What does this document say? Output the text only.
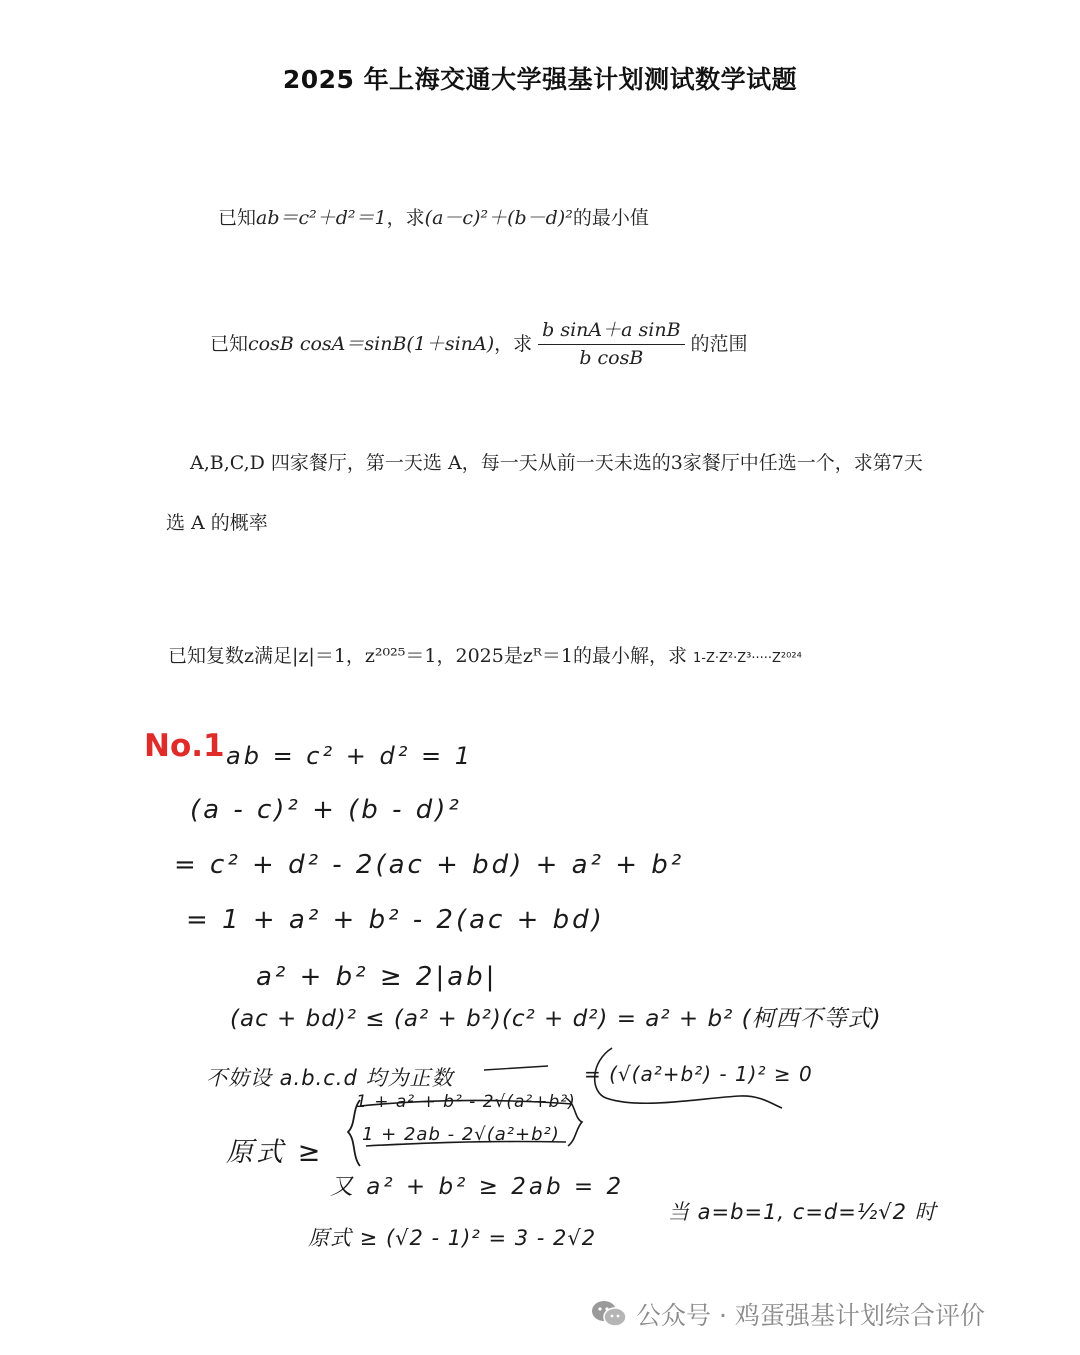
2025 年上海交通大学强基计划测试数学试题
已知ab＝c²＋d²＝1，求(a－c)²＋(b－d)²的最小值
已知 cosB cosA＝sinB(1＋sinA) ，求 $\frac{\text{b sinA＋a sinB}}{\text{b cosB}}$ 的范围
A,B,C,D 四家餐厅，第一天选 A，每一天从前一天未选的3家餐厅中任选一个，求第7天
选 A 的概率
已知复数z满足|z|＝1，z²⁰²⁵＝1，2025是zᴿ＝1的最小解，求 1-Z·Z²·Z³·····Z²⁰²⁴
No.1 ab = c² + d² = 1
(a - c)² + (b - d)²
= c² + d² - 2(ac + bd) + a² + b²
= 1 + a² + b² - 2(ac + bd)
a² + b² ≥ 2|ab|
(ac + bd)² ≤ (a² + b²)(c² + d²) = a² + b² (柯西不等式)
不妨设 a.b.c.d 均为正数
1 + a² + b² - 2√(a²+b²)
= (√(a²+b²) - 1)² ≥ 0
原式 ≥
1 + 2ab - 2√(a²+b²)
又 a² + b² ≥ 2ab = 2
原式 ≥ (√2 - 1)² = 3 - 2√2
当 a=b=1, c=d=½√2 时
公众号 · 鸡蛋强基计划综合评价
